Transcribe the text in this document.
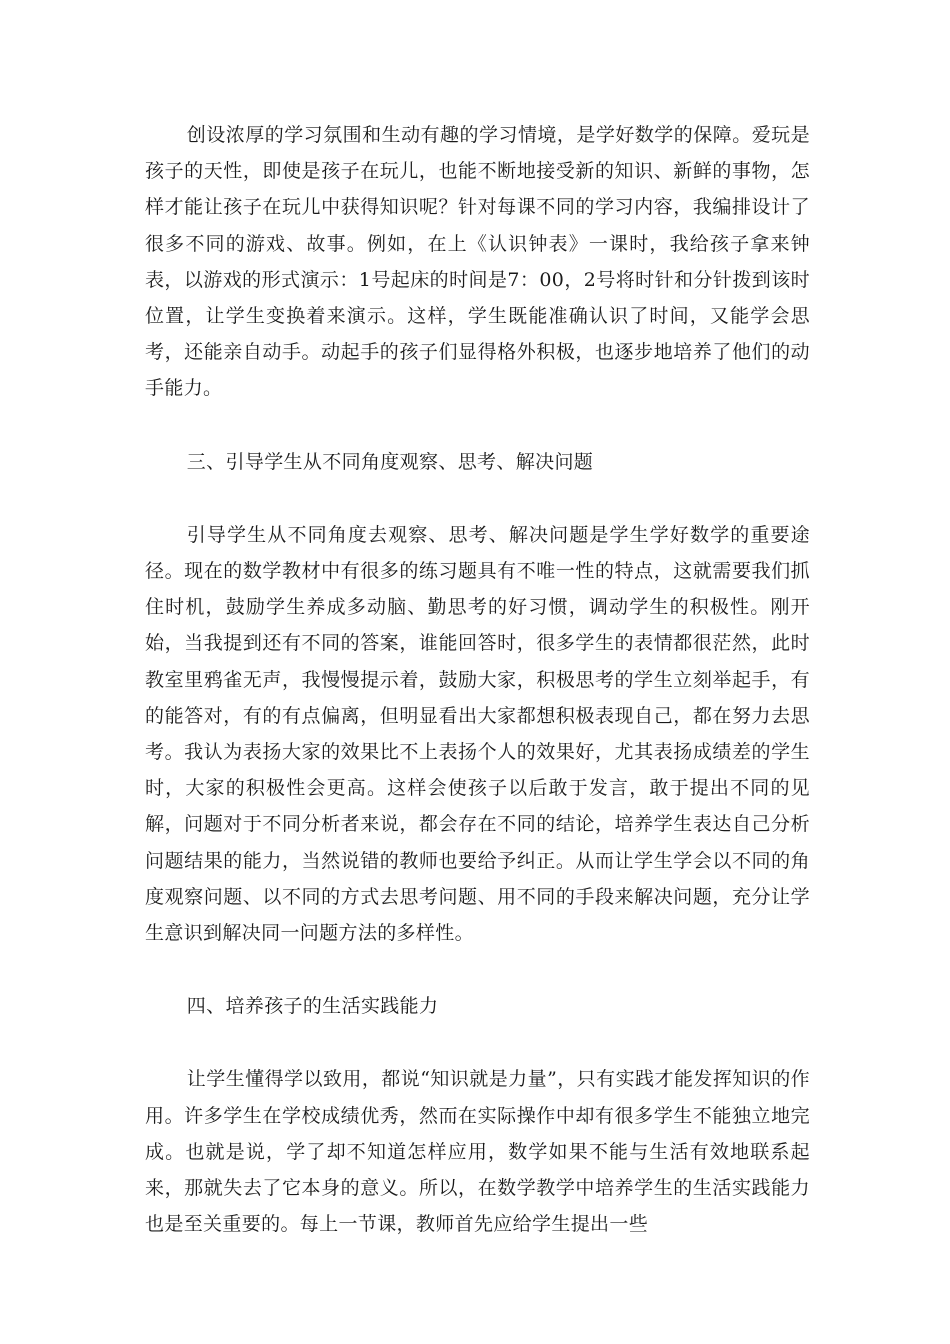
创设浓厚的学习氛围和生动有趣的学习情境，是学好数学的保障。爱玩是孩子的天性，即使是孩子在玩儿，也能不断地接受新的知识、新鲜的事物，怎样才能让孩子在玩儿中获得知识呢？针对每课不同的学习内容，我编排设计了很多不同的游戏、故事。例如，在上《认识钟表》一课时，我给孩子拿来钟表，以游戏的形式演示：1号起床的时间是7：00，2号将时针和分针拨到该时位置，让学生变换着来演示。这样，学生既能准确认识了时间，又能学会思考，还能亲自动手。动起手的孩子们显得格外积极，也逐步地培养了他们的动手能力。

三、引导学生从不同角度观察、思考、解决问题

引导学生从不同角度去观察、思考、解决问题是学生学好数学的重要途径。现在的数学教材中有很多的练习题具有不唯一性的特点，这就需要我们抓住时机，鼓励学生养成多动脑、勤思考的好习惯，调动学生的积极性。刚开始，当我提到还有不同的答案，谁能回答时，很多学生的表情都很茫然，此时教室里鸦雀无声，我慢慢提示着，鼓励大家，积极思考的学生立刻举起手，有的能答对，有的有点偏离，但明显看出大家都想积极表现自己，都在努力去思考。我认为表扬大家的效果比不上表扬个人的效果好，尤其表扬成绩差的学生时，大家的积极性会更高。这样会使孩子以后敢于发言，敢于提出不同的见解，问题对于不同分析者来说，都会存在不同的结论，培养学生表达自己分析问题结果的能力，当然说错的教师也要给予纠正。从而让学生学会以不同的角度观察问题、以不同的方式去思考问题、用不同的手段来解决问题，充分让学生意识到解决同一问题方法的多样性。

四、培养孩子的生活实践能力

让学生懂得学以致用，都说“知识就是力量”，只有实践才能发挥知识的作用。许多学生在学校成绩优秀，然而在实际操作中却有很多学生不能独立地完成。也就是说，学了却不知道怎样应用，数学如果不能与生活有效地联系起来，那就失去了它本身的意义。所以，在数学教学中培养学生的生活实践能力也是至关重要的。每上一节课，教师首先应给学生提出一些
